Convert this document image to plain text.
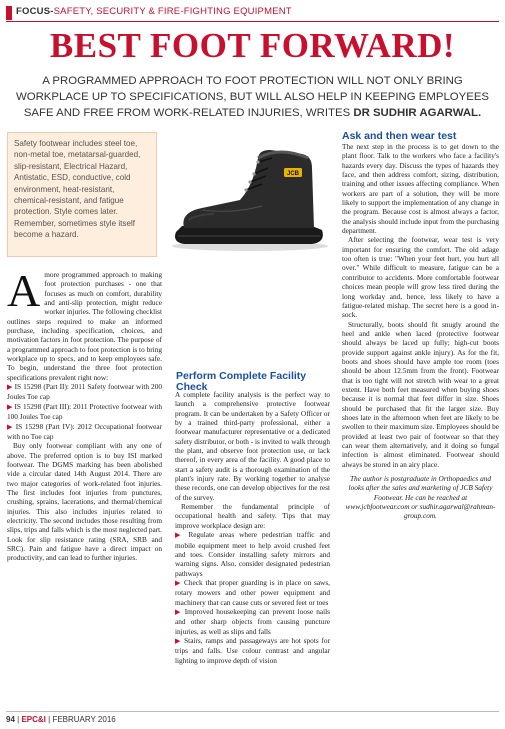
FOCUS-SAFETY, SECURITY & FIRE-FIGHTING EQUIPMENT
BEST FOOT FORWARD!
A PROGRAMMED APPROACH TO FOOT PROTECTION WILL NOT ONLY BRING WORKPLACE UP TO SPECIFICATIONS, BUT WILL ALSO HELP IN KEEPING EMPLOYEES SAFE AND FREE FROM WORK-RELATED INJURIES, WRITES DR SUDHIR AGARWAL.
Safety footwear includes steel toe, non-metal toe, metatarsal-guarded, slip-resistant, Electrical Hazard, Antistatic, ESD, conductive, cold environment, heat-resistant, chemical-resistant, and fatigue protection. Style comes later. Remember, sometimes style itself become a hazard.
JCB

Amore programmed approach to making foot protection purchases - one that focuses as much on comfort, durability and anti-slip protection, might reduce worker injuries. The following checklist outlines steps required to make an informed purchase, including specification, choices, and motivation factors in foot protection. The purpose of a programmed approach to foot protection is to bring workplace up to specs, and to keep employees safe. To begin, understand the three foot protection specifications prevalent right now:

▶ IS 15298 (Part II): 2011 Safety footwear with 200 Joules Toe cap

▶ IS 15298 (Part III): 2011 Protective footwear with 100 Joules Toe cap

▶ IS 15298 (Part IV): 2012 Occupational footwear with no Toe cap

Buy only footwear compliant with any one of above. The preferred option is to buy ISI marked footwear. The DGMS marking has been abolished vide a circular dated 14th August 2014. There are two major categories of work-related foot injuries. The first includes foot injuries from punctures, crushing, sprains, lacerations, and thermal/chemical injuries. This also includes injuries related to electricity. The second includes those resulting from slips, trips and falls which is the most neglected part. Look for slip resistance rating (SRA, SRB and SRC). Pain and fatigue have a direct impact on productivity, and can lead to further injuries.

Perform Complete Facility Check

A complete facility analysis is the perfect way to launch a comprehensive protective footwear program. It can be undertaken by a Safety Officer or by a trained third-party professional, either a footwear manufacturer representative or a dedicated safety distributor, or both - is invited to walk through the plant, and observe foot protection use, or lack thereof, in every area of the facility. A good place to start a safety audit is a thorough examination of the plant's injury rate. By working together to analyse these records, one can develop objectives for the rest of the survey.

Remember the fundamental principle of occupational health and safety. Tips that may improve workplace design are:

▶ Regulate areas where pedestrian traffic and mobile equipment meet to help avoid crushed feet and toes. Consider installing safety mirrors and warning signs. Also, consider designated pedestrian pathways

▶ Check that proper guarding is in place on saws, rotary mowers and other power equipment and machinery that can cause cuts or severed feet or toes

▶ Improved housekeeping can prevent loose nails and other sharp objects from causing puncture injuries, as well as slips and falls

▶ Stairs, ramps and passageways are hot spots for trips and falls. Use colour contrast and angular lighting to improve depth of vision

Ask and then wear test

The next step in the process is to get down to the plant floor. Talk to the workers who face a facility's hazards every day. Discuss the types of hazards they face, and then address comfort, sizing, distribution, training and other issues affecting compliance. When workers are part of a solution, they will be more likely to support the implementation of any change in the program. Because cost is almost always a factor, the analysis should include input from the purchasing department.

After selecting the footwear, wear test is very important for ensuring the comfort. The old adage too often is true: "When your feet hurt, you hurt all over." While difficult to measure, fatigue can be a contributor to accidents. More comfortable footwear choices mean people will grow less tired during the long workday and, hence, less likely to have a fatigue-related mishap. The secret here is a good in-sock.

Structurally, boots should fit snugly around the heel and ankle when laced (protective footwear should always be laced up fully; high-cut boots provide support against ankle injury). As for the fit, boots and shoes should have ample toe room (toes should be about 12.5mm from the front). Footwear that is too tight will not stretch with wear to a great extent. Have both feet measured when buying shoes because it is normal that feet differ in size. Shoes should be purchased that fit the larger size. Buy shoes late in the afternoon when feet are likely to be swollen to their maximum size. Employees should be provided at least two pair of footwear so that they can wear them alternatively, and it doing so fungal infection is almost eliminated. Footwear should always be stored in an airy place.

The author is postgraduate in Orthopaedics and looks after the sales and marketing of JCB Safety Footwear. He can be reached at www.jcbfootwear.com or sudhir.agarwal@rahman-group.com.

94 | EPC&I | FEBRUARY 2016
